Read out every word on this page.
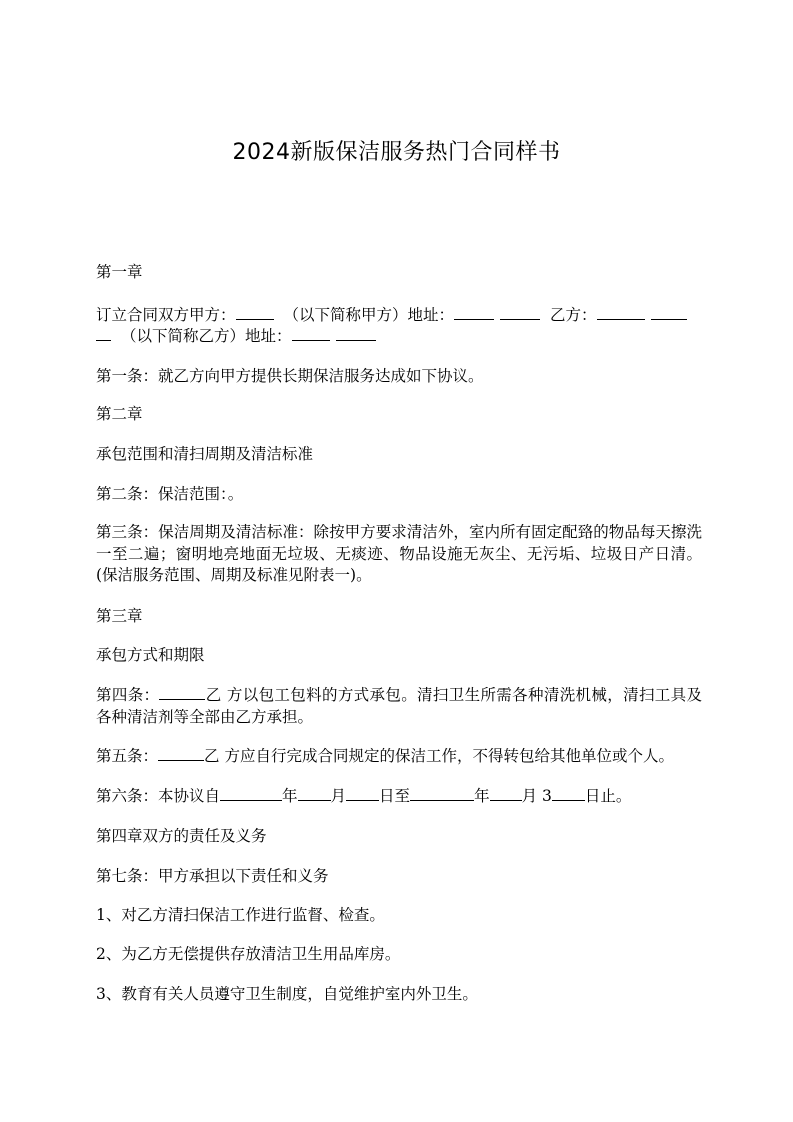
2024新版保洁服务热门合同样书
第一章
订立合同双方甲方：	（以下简称甲方）地址：	乙方：
（以下简称乙方）地址：
第一条：就乙方向甲方提供长期保洁服务达成如下协议。
第二章
承包范围和清扫周期及清洁标准
第二条：保洁范围：。
第三条：保洁周期及清洁标准：除按甲方要求清洁外，室内所有固定配臵的物品每天擦洗一至二遍；窗明地亮地面无垃圾、无痰迹、物品设施无灰尘、无污垢、垃圾日产日清。(保洁服务范围、周期及标准见附表一)。
第三章
承包方式和期限
第四条：	乙 方以包工包料的方式承包。清扫卫生所需各种清洗机械，清扫工具及各种清洁剂等全部由乙方承担。
第五条：	乙 方应自行完成合同规定的保洁工作，不得转包给其他单位或个人。
第六条：本协议自	年 月 日至	年 月 3 日止。
第四章双方的责任及义务
第七条：甲方承担以下责任和义务
1、对乙方清扫保洁工作进行监督、检查。
2、为乙方无偿提供存放清洁卫生用品库房。
3、教育有关人员遵守卫生制度，自觉维护室内外卫生。
